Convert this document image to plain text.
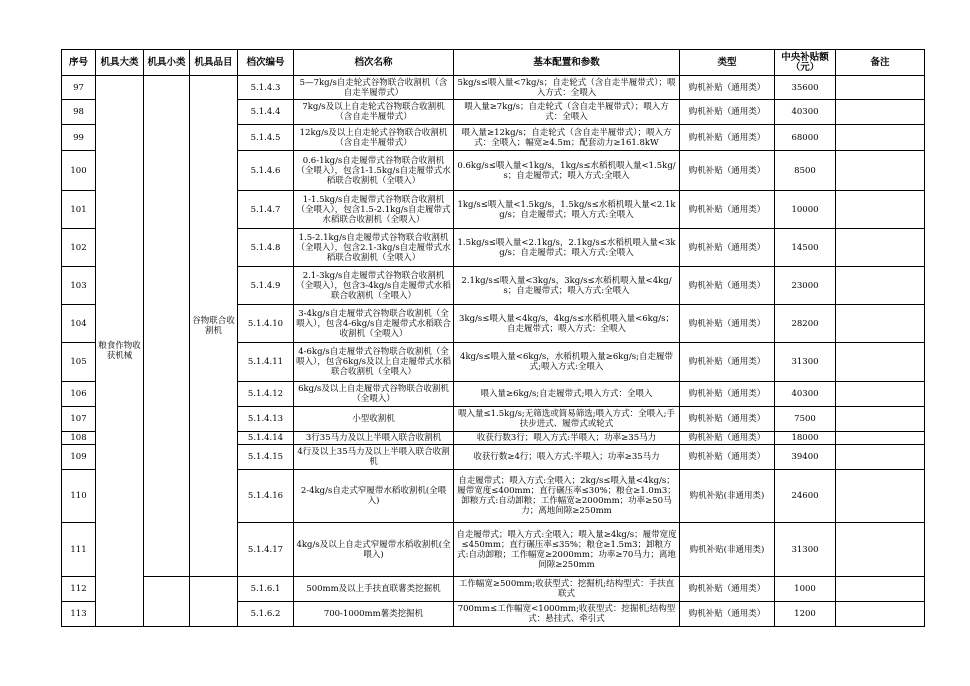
序号	机具大类	机具小类	机具品目	档次编号	档次名称	基本配置和参数	类型	中央补贴额（元）	备注
97	粮食作物收获机械		谷物联合收割机	5.1.4.3	5—7kg/s自走轮式谷物联合收割机（含自走半履带式）	5kg/s≤喂入量<7kg/s；自走轮式（含自走半履带式）；喂入方式：全喂入	购机补贴（通用类）	35600	
98				5.1.4.4	7kg/s及以上自走轮式谷物联合收割机（含自走半履带式）	喂入量≥7kg/s；自走轮式（含自走半履带式）；喂入方式：全喂入	购机补贴（通用类）	40300	
99				5.1.4.5	12kg/s及以上自走轮式谷物联合收割机（含自走半履带式）	喂入量≥12kg/s；自走轮式（含自走半履带式）；喂入方式：全喂入；幅宽≥4.5m；配套动力≥161.8kW	购机补贴（通用类）	68000	
100				5.1.4.6	0.6-1kg/s自走履带式谷物联合收割机（全喂入），包含1-1.5kg/s自走履带式水稻联合收割机（全喂入）	0.6kg/s≤喂入量<1kg/s，1kg/s≤水稻机喂入量<1.5kg/s；自走履带式；喂入方式:全喂入	购机补贴（通用类）	8500	
101				5.1.4.7	1-1.5kg/s自走履带式谷物联合收割机（全喂入），包含1.5-2.1kg/s自走履带式水稻联合收割机（全喂入）	1kg/s≤喂入量<1.5kg/s，1.5kg/s≤水稻机喂入量<2.1kg/s；自走履带式；喂入方式:全喂入	购机补贴（通用类）	10000	
102				5.1.4.8	1.5-2.1kg/s自走履带式谷物联合收割机（全喂入），包含2.1-3kg/s自走履带式水稻联合收割机（全喂入）	1.5kg/s≤喂入量<2.1kg/s，2.1kg/s≤水稻机喂入量<3kg/s；自走履带式；喂入方式:全喂入	购机补贴（通用类）	14500	
103				5.1.4.9	2.1-3kg/s自走履带式谷物联合收割机（全喂入），包含3-4kg/s自走履带式水稻联合收割机（全喂入）	2.1kg/s≤喂入量<3kg/s，3kg/s≤水稻机喂入量<4kg/s；自走履带式；喂入方式:全喂入	购机补贴（通用类）	23000	
104				5.1.4.10	3-4kg/s自走履带式谷物联合收割机（全喂入），包含4-6kg/s自走履带式水稻联合收割机（全喂入）	3kg/s≤喂入量<4kg/s，4kg/s≤水稻机喂入量<6kg/s；自走履带式；喂入方式：全喂入	购机补贴（通用类）	28200	
105				5.1.4.11	4-6kg/s自走履带式谷物联合收割机（全喂入），包含6kg/s及以上自走履带式水稻联合收割机（全喂入）	4kg/s≤喂入量<6kg/s，水稻机喂入量≥6kg/s;自走履带式;喂入方式:全喂入	购机补贴（通用类）	31300	
106				5.1.4.12	6kg/s及以上自走履带式谷物联合收割机（全喂入）	喂入量≥6kg/s;自走履带式;喂入方式：全喂入	购机补贴（通用类）	40300	
107				5.1.4.13	小型收割机	喂入量≤1.5kg/s;无筛选或简易筛选;喂入方式：全喂入;手扶步进式、履带式或轮式	购机补贴（通用类）	7500	
108				5.1.4.14	3行35马力及以上半喂入联合收割机	收获行数3行；喂入方式:半喂入；功率≥35马力	购机补贴（通用类）	18000	
109				5.1.4.15	4行及以上35马力及以上半喂入联合收割机	收获行数≥4行；喂入方式:半喂入；功率≥35马力	购机补贴（通用类）	39400	
110				5.1.4.16	2-4kg/s自走式窄履带水稻收割机(全喂入)	自走履带式；喂入方式:全喂入；2kg/s≤喂入量<4kg/s；履带宽度≤400mm；直行碾压率≤30%；粮仓≥1.0m3；卸粮方式:自动卸粮；工作幅宽≥2000mm；功率≥50马力；离地间隙≥250mm	购机补贴(非通用类)	24600	
111				5.1.4.17	4kg/s及以上自走式窄履带水稻收割机(全喂入)	自走履带式；喂入方式:全喂入；喂入量≥4kg/s；履带宽度≤450mm；直行碾压率≤35%；粮仓≥1.5m3；卸粮方式:自动卸粮；工作幅宽≥2000mm；功率≥70马力；离地间隙≥250mm	购机补贴(非通用类)	31300	
112				5.1.6.1	500mm及以上手扶直联薯类挖掘机	工作幅宽≥500mm;收获型式：挖掘机;结构型式：手扶直联式	购机补贴（通用类）	1000	
113				5.1.6.2	700-1000mm薯类挖掘机	700mm≤工作幅宽<1000mm;收获型式：挖掘机;结构型式：悬挂式、牵引式	购机补贴（通用类）	1200	
